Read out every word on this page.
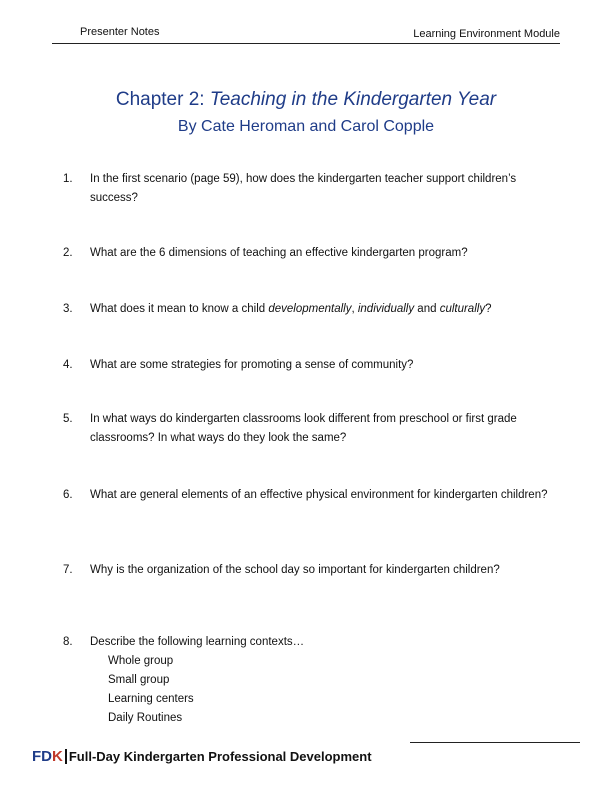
Presenter Notes	Learning Environment Module
Chapter 2: Teaching in the Kindergarten Year
By Cate Heroman and Carol Copple
1. In the first scenario (page 59), how does the kindergarten teacher support children’s success?
2. What are the 6 dimensions of teaching an effective kindergarten program?
3. What does it mean to know a child developmentally, individually and culturally?
4. What are some strategies for promoting a sense of community?
5. In what ways do kindergarten classrooms look different from preschool or first grade classrooms? In what ways do they look the same?
6. What are general elements of an effective physical environment for kindergarten children?
7. Why is the organization of the school day so important for kindergarten children?
8. Describe the following learning contexts…
Whole group
Small group
Learning centers
Daily Routines
F D K Full-Day Kindergarten Professional Development
